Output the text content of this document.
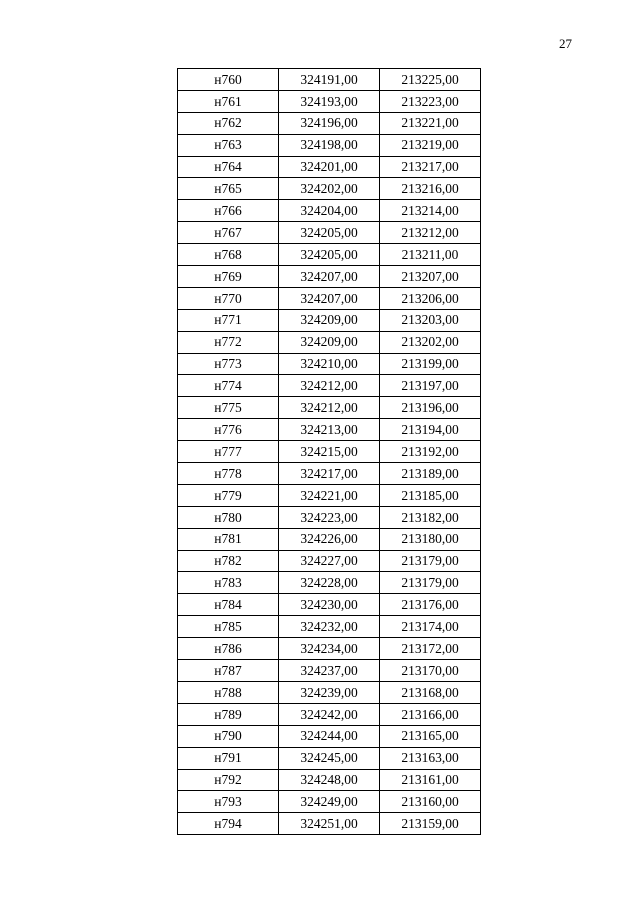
27
н760	324191,00	213225,00
н761	324193,00	213223,00
н762	324196,00	213221,00
н763	324198,00	213219,00
н764	324201,00	213217,00
н765	324202,00	213216,00
н766	324204,00	213214,00
н767	324205,00	213212,00
н768	324205,00	213211,00
н769	324207,00	213207,00
н770	324207,00	213206,00
н771	324209,00	213203,00
н772	324209,00	213202,00
н773	324210,00	213199,00
н774	324212,00	213197,00
н775	324212,00	213196,00
н776	324213,00	213194,00
н777	324215,00	213192,00
н778	324217,00	213189,00
н779	324221,00	213185,00
н780	324223,00	213182,00
н781	324226,00	213180,00
н782	324227,00	213179,00
н783	324228,00	213179,00
н784	324230,00	213176,00
н785	324232,00	213174,00
н786	324234,00	213172,00
н787	324237,00	213170,00
н788	324239,00	213168,00
н789	324242,00	213166,00
н790	324244,00	213165,00
н791	324245,00	213163,00
н792	324248,00	213161,00
н793	324249,00	213160,00
н794	324251,00	213159,00
